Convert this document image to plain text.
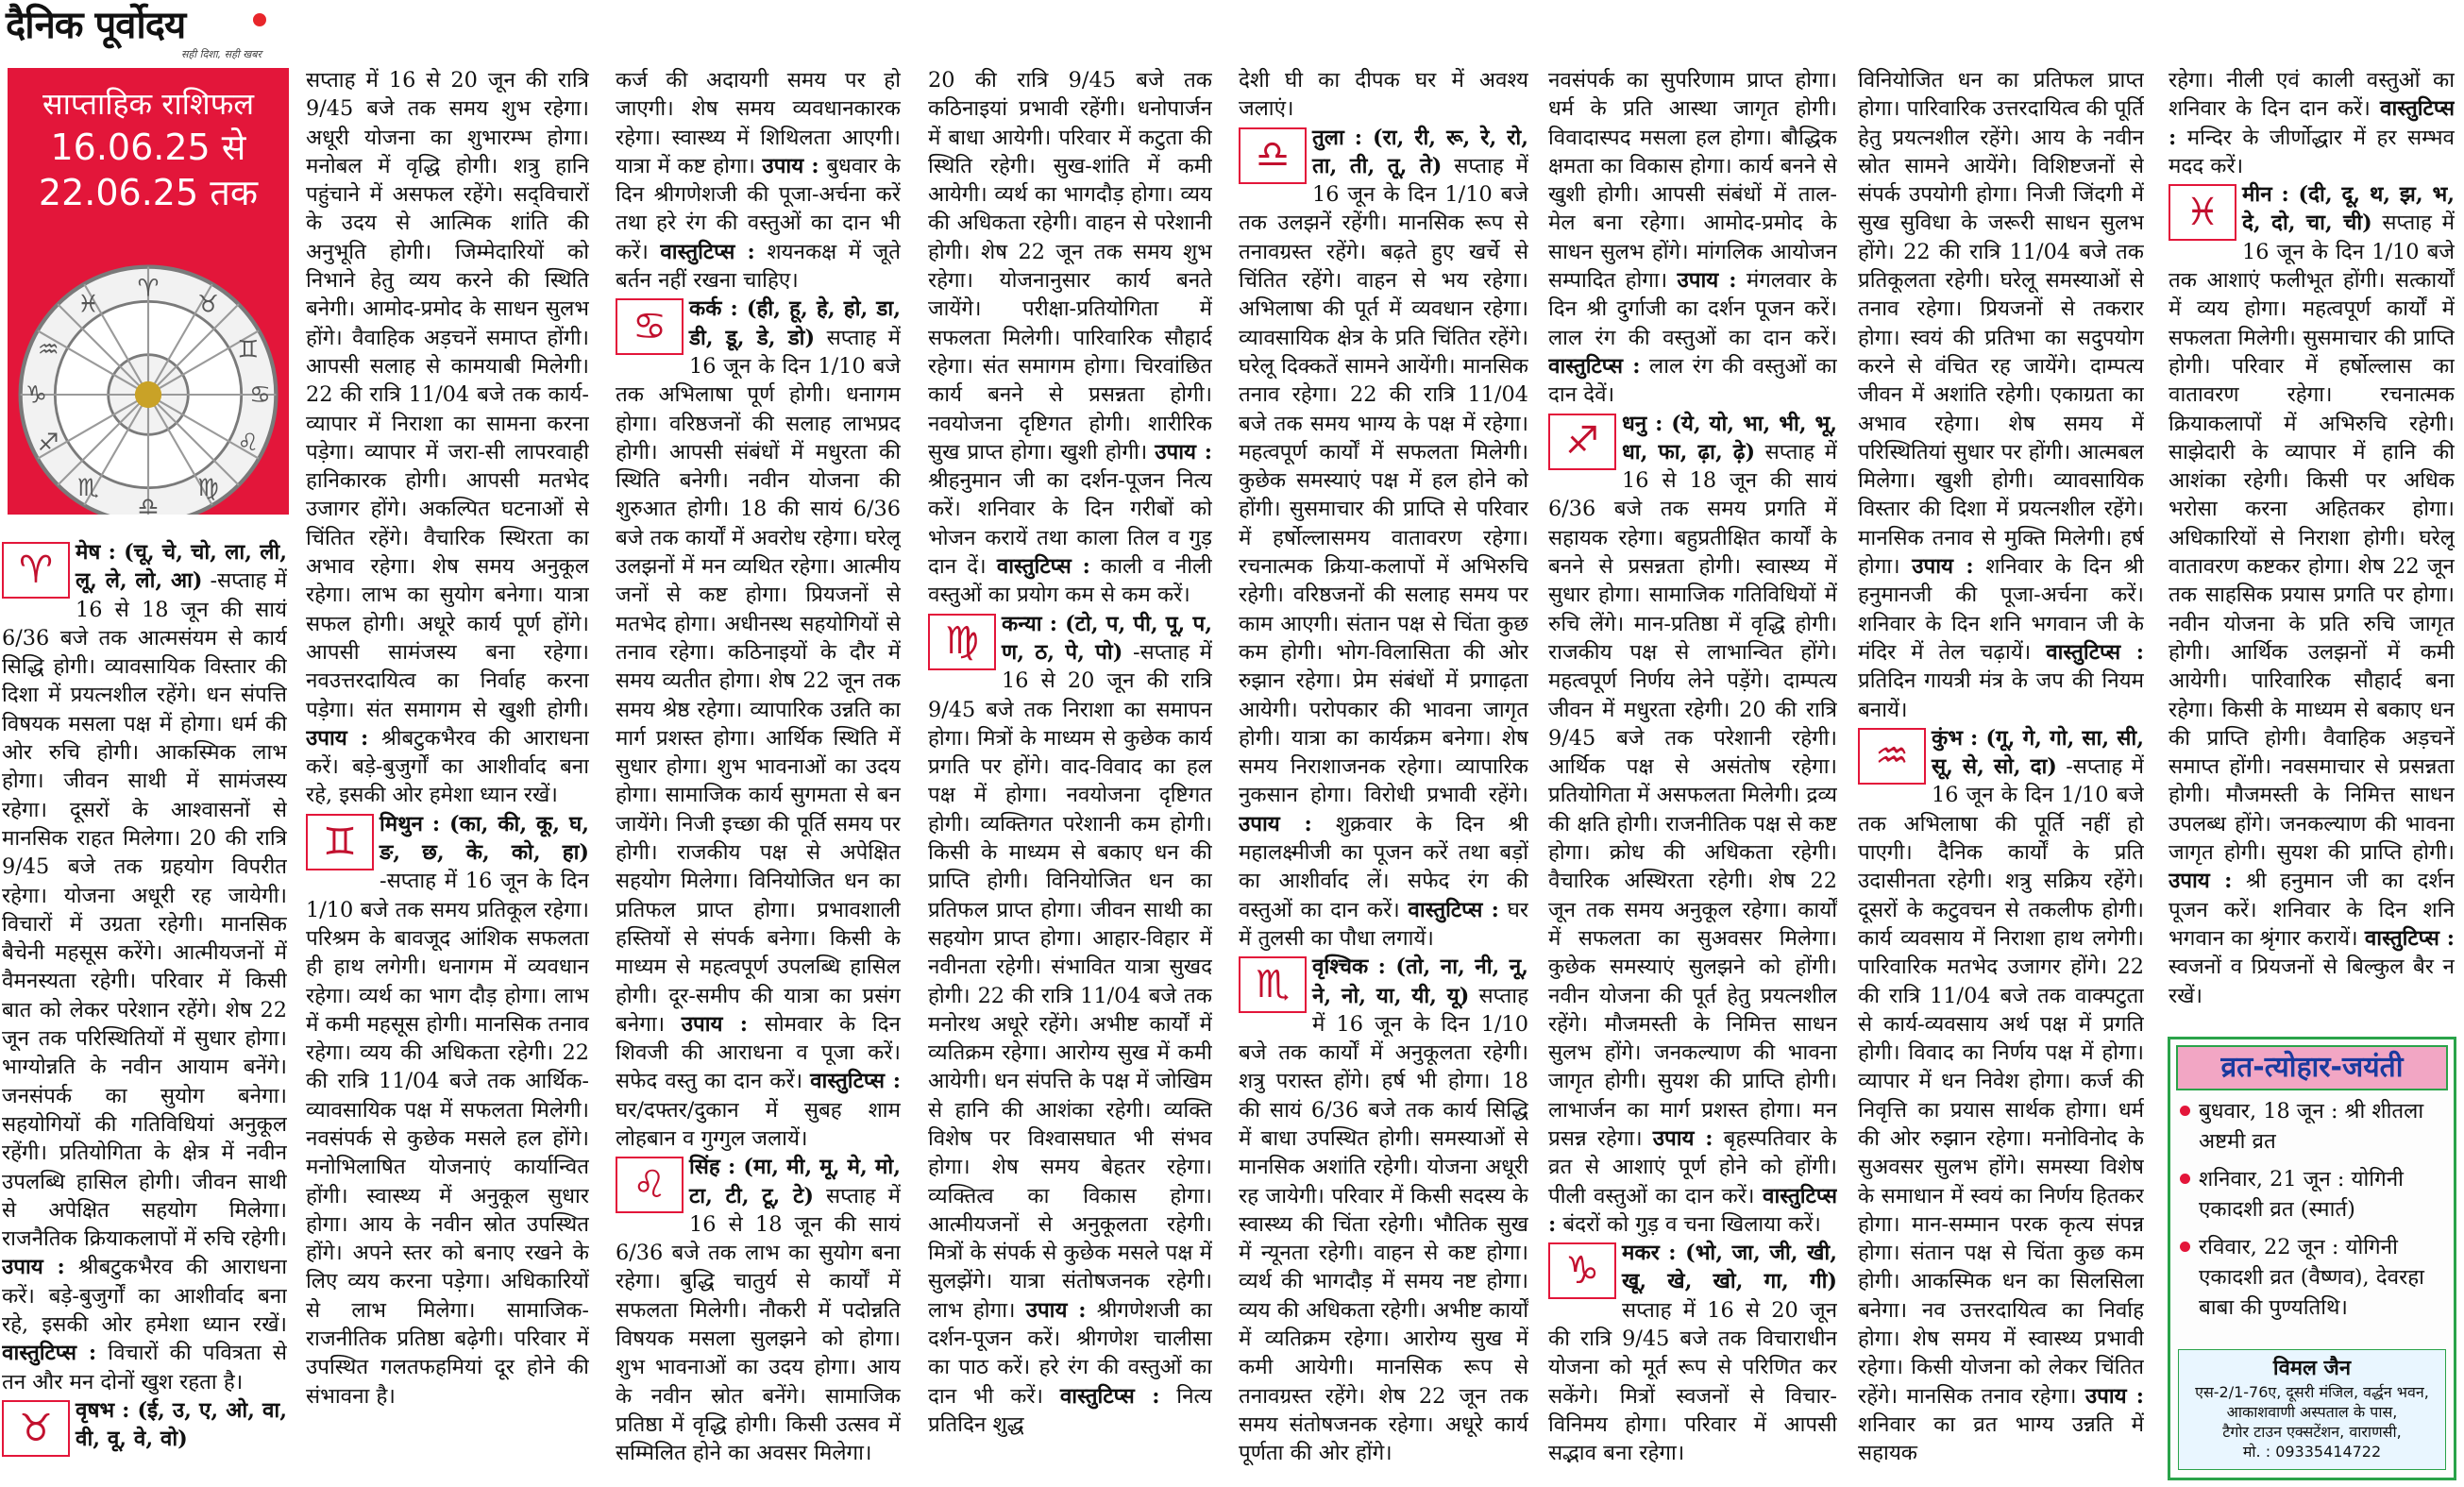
दैनिक पूर्वोदय
सही दिशा, सही खबर
साप्ताहिक राशिफल
16.06.25 से
22.06.25 तक
♈
♉
♊
♋
♌
♍
♎
♏
♐
♑
♒
♓
♈	मेष : (चू, चे, चो, ला, ली, लू, ले, लो, आ) -सप्ताह में 16 से 18 जून की सायं 6/36 बजे तक आत्मसंयम से कार्य सिद्धि होगी। व्यावसायिक विस्तार की दिशा में प्रयत्नशील रहेंगे। धन संपत्ति विषयक मसला पक्ष में होगा। धर्म की ओर रुचि होगी। आकस्मिक लाभ होगा। जीवन साथी में सामंजस्य रहेगा। दूसरों के आश्वासनों से मानसिक राहत मिलेगा। 20 की रात्रि 9/45 बजे तक ग्रहयोग विपरीत रहेगा। योजना अधूरी रह जायेगी। विचारों में उग्रता रहेगी। मानसिक बैचेनी महसूस करेंगे। आत्मीयजनों में वैमनस्यता रहेगी। परिवार में किसी बात को लेकर परेशान रहेंगे। शेष 22 जून तक परिस्थितियों में सुधार होगा। भाग्योन्नति के नवीन आयाम बनेंगे। जनसंपर्क का सुयोग बनेगा। सहयोगियों की गतिविधियां अनुकूल रहेंगी। प्रतियोगिता के क्षेत्र में नवीन उपलब्धि हासिल होगी। जीवन साथी से अपेक्षित सहयोग मिलेगा। राजनैतिक क्रियाकलापों में रुचि रहेगी। उपाय : श्रीबटुकभैरव की आराधना करें। बड़े-बुजुर्गों का आशीर्वाद बना रहे, इसकी ओर हमेशा ध्यान रखें। वास्तुटिप्स : विचारों की पवित्रता से तन और मन दोनों खुश रहता है।
♉	वृषभ : (ई, उ, ए, ओ, वा, वी, वू, वे, वो)

सप्ताह में 16 से 20 जून की रात्रि 9/45 बजे तक समय शुभ रहेगा। अधूरी योजना का शुभारम्भ होगा। मनोबल में वृद्धि होगी। शत्रु हानि पहुंचाने में असफल रहेंगे। सद्‌विचारों के उदय से आत्मिक शांति की अनुभूति होगी। जिम्मेदारियों को निभाने हेतु व्यय करने की स्थिति बनेगी। आमोद-प्रमोद के साधन सुलभ होंगे। वैवाहिक अड़चनें समाप्त होंगी। आपसी सलाह से कामयाबी मिलेगी। 22 की रात्रि 11/04 बजे तक कार्य-व्यापार में निराशा का सामना करना पड़ेगा। व्यापार में जरा-सी लापरवाही हानिकारक होगी। आपसी मतभेद उजागर होंगे। अकल्पित घटनाओं से चिंतित रहेंगे। वैचारिक स्थिरता का अभाव रहेगा। शेष समय अनुकूल रहेगा। लाभ का सुयोग बनेगा। यात्रा सफल होगी। अधूरे कार्य पूर्ण होंगे। आपसी सामंजस्य बना रहेगा। नवउत्तरदायित्व का निर्वाह करना पड़ेगा। संत समागम से खुशी होगी। उपाय : श्रीबटुकभैरव की आराधना करें। बड़े-बुजुर्गों का आशीर्वाद बना रहे, इसकी ओर हमेशा ध्यान रखें।

♊	मिथुन : (का, की, कू, घ, ङ, छ, के, को, हा) -सप्ताह में 16 जून के दिन 1/10 बजे तक समय प्रतिकूल रहेगा। परिश्रम के बावजूद आंशिक सफलता ही हाथ लगेगी। धनागम में व्यवधान रहेगा। व्यर्थ का भाग दौड़ होगा। लाभ में कमी महसूस होगी। मानसिक तनाव रहेगा। व्यय की अधिकता रहेगी। 22 की रात्रि 11/04 बजे तक आर्थिक-व्यावसायिक पक्ष में सफलता मिलेगी। नवसंपर्क से कुछेक मसले हल होंगे। मनोभिलाषित योजनाएं कार्यान्वित होंगी। स्वास्थ्य में अनुकूल सुधार होगा। आय के नवीन स्रोत उपस्थित होंगे। अपने स्तर को बनाए रखने के लिए व्यय करना पड़ेगा। अधिकारियों से लाभ मिलेगा। सामाजिक-राजनीतिक प्रतिष्ठा बढ़ेगी। परिवार में उपस्थित गलतफहमियां दूर होने की संभावना है।

कर्ज की अदायगी समय पर हो जाएगी। शेष समय व्यवधानकारक रहेगा। स्वास्थ्य में शिथिलता आएगी। यात्रा में कष्ट होगा। उपाय : बुधवार के दिन श्रीगणेशजी की पूजा-अर्चना करें तथा हरे रंग की वस्तुओं का दान भी करें। वास्तुटिप्स : शयनकक्ष में जूते बर्तन नहीं रखना चाहिए।

♋	कर्क : (ही, हू, हे, हो, डा, डी, डू, डे, डो) सप्ताह में 16 जून के दिन 1/10 बजे तक अभिलाषा पूर्ण होगी। धनागम होगा। वरिष्ठजनों की सलाह लाभप्रद होगी। आपसी संबंधों में मधुरता की स्थिति बनेगी। नवीन योजना की शुरुआत होगी। 18 की सायं 6/36 बजे तक कार्यों में अवरोध रहेगा। घरेलू उलझनों में मन व्यथित रहेगा। आत्मीय जनों से कष्ट होगा। प्रियजनों से मतभेद होगा। अधीनस्थ सहयोगियों से तनाव रहेगा। कठिनाइयों के दौर में समय व्यतीत होगा। शेष 22 जून तक समय श्रेष्ठ रहेगा। व्यापारिक उन्नति का मार्ग प्रशस्त होगा। आर्थिक स्थिति में सुधार होगा। शुभ भावनाओं का उदय होगा। सामाजिक कार्य सुगमता से बन जायेंगे। निजी इच्छा की पूर्ति समय पर होगी। राजकीय पक्ष से अपेक्षित सहयोग मिलेगा। विनियोजित धन का प्रतिफल प्राप्त होगा। प्रभावशाली हस्तियों से संपर्क बनेगा। किसी के माध्यम से महत्वपूर्ण उपलब्धि हासिल होगी। दूर-समीप की यात्रा का प्रसंग बनेगा। उपाय : सोमवार के दिन शिवजी की आराधना व पूजा करें। सफेद वस्तु का दान करें। वास्तुटिप्स : घर/दफ्तर/दुकान में सुबह शाम लोहबान व गुग्गुल जलायें।
♌	सिंह : (मा, मी, मू, मे, मो, टा, टी, टू, टे) सप्ताह में 16 से 18 जून की सायं 6/36 बजे तक लाभ का सुयोग बना रहेगा। बुद्धि चातुर्य से कार्यों में सफलता मिलेगी। नौकरी में पदोन्नति विषयक मसला सुलझने को होगा। शुभ भावनाओं का उदय होगा। आय के नवीन स्रोत बनेंगे। सामाजिक प्रतिष्ठा में वृद्धि होगी। किसी उत्सव में सम्मिलित होने का अवसर मिलेगा।

20 की रात्रि 9/45 बजे तक कठिनाइयां प्रभावी रहेंगी। धनोपार्जन में बाधा आयेगी। परिवार में कटुता की स्थिति रहेगी। सुख-शांति में कमी आयेगी। व्यर्थ का भागदौड़ होगा। व्यय की अधिकता रहेगी। वाहन से परेशानी होगी। शेष 22 जून तक समय शुभ रहेगा। योजनानुसार कार्य बनते जायेंगे। परीक्षा-प्रतियोगिता में सफलता मिलेगी। पारिवारिक सौहार्द रहेगा। संत समागम होगा। चिरवांछित कार्य बनने से प्रसन्नता होगी। नवयोजना दृष्टिगत होगी। शारीरिक सुख प्राप्त होगा। खुशी होगी। उपाय : श्रीहनुमान जी का दर्शन-पूजन नित्य करें। शनिवार के दिन गरीबों को भोजन करायें तथा काला तिल व गुड़ दान दें। वास्तुटिप्स : काली व नीली वस्तुओं का प्रयोग कम से कम करें।

♍	कन्या : (टो, प, पी, पू, प, ण, ठ, पे, पो) -सप्ताह में 16 से 20 जून की रात्रि 9/45 बजे तक निराशा का समापन होगा। मित्रों के माध्यम से कुछेक कार्य प्रगति पर होंगे। वाद-विवाद का हल पक्ष में होगा। नवयोजना दृष्टिगत होगी। व्यक्तिगत परेशानी कम होगी। किसी के माध्यम से बकाए धन की प्राप्ति होगी। विनियोजित धन का प्रतिफल प्राप्त होगा। जीवन साथी का सहयोग प्राप्त होगा। आहार-विहार में नवीनता रहेगी। संभावित यात्रा सुखद होगी। 22 की रात्रि 11/04 बजे तक मनोरथ अधूरे रहेंगे। अभीष्ट कार्यों में व्यतिक्रम रहेगा। आरोग्य सुख में कमी आयेगी। धन संपत्ति के पक्ष में जोखिम से हानि की आशंका रहेगी। व्यक्ति विशेष पर विश्वासघात भी संभव होगा। शेष समय बेहतर रहेगा। व्यक्तित्व का विकास होगा। आत्मीयजनों से अनुकूलता रहेगी। मित्रों के संपर्क से कुछेक मसले पक्ष में सुलझेंगे। यात्रा संतोषजनक रहेगी। लाभ होगा। उपाय : श्रीगणेशजी का दर्शन-पूजन करें। श्रीगणेश चालीसा का पाठ करें। हरे रंग की वस्तुओं का दान भी करें। वास्तुटिप्स : नित्य प्रतिदिन शुद्ध

देशी घी का दीपक घर में अवश्य जलाएं।

♎	तुला : (रा, री, रू, रे, रो, ता, ती, तू, ते) सप्ताह में 16 जून के दिन 1/10 बजे तक उलझनें रहेंगी। मानसिक रूप से तनावग्रस्त रहेंगे। बढ़ते हुए खर्चे से चिंतित रहेंगे। वाहन से भय रहेगा। अभिलाषा की पूर्त में व्यवधान रहेगा। व्यावसायिक क्षेत्र के प्रति चिंतित रहेंगे। घरेलू दिक्कतें सामने आयेंगी। मानसिक तनाव रहेगा। 22 की रात्रि 11/04 बजे तक समय भाग्य के पक्ष में रहेगा। महत्वपूर्ण कार्यों में सफलता मिलेगी। कुछेक समस्याएं पक्ष में हल होने को होंगी। सुसमाचार की प्राप्ति से परिवार में हर्षोल्लासमय वातावरण रहेगा। रचनात्मक क्रिया-कलापों में अभिरुचि रहेगी। वरिष्ठजनों की सलाह समय पर काम आएगी। संतान पक्ष से चिंता कुछ कम होगी। भोग-विलासिता की ओर रुझान रहेगा। प्रेम संबंधों में प्रगाढ़ता आयेगी। परोपकार की भावना जागृत होगी। यात्रा का कार्यक्रम बनेगा। शेष समय निराशाजनक रहेगा। व्यापारिक नुकसान होगा। विरोधी प्रभावी रहेंगे। उपाय : शुक्रवार के दिन श्री महालक्ष्मीजी का पूजन करें तथा बड़ों का आशीर्वाद लें। सफेद रंग की वस्तुओं का दान करें। वास्तुटिप्स : घर में तुलसी का पौधा लगायें।
♏	वृश्चिक : (तो, ना, नी, नू, ने, नो, या, यी, यू) सप्ताह में 16 जून के दिन 1/10 बजे तक कार्यों में अनुकूलता रहेगी। शत्रु परास्त होंगे। हर्ष भी होगा। 18 की सायं 6/36 बजे तक कार्य सिद्धि में बाधा उपस्थित होगी। समस्याओं से मानसिक अशांति रहेगी। योजना अधूरी रह जायेगी। परिवार में किसी सदस्य के स्वास्थ्य की चिंता रहेगी। भौतिक सुख में न्यूनता रहेगी। वाहन से कष्ट होगा। व्यर्थ की भागदौड़ में समय नष्ट होगा। व्यय की अधिकता रहेगी। अभीष्ट कार्यों में व्यतिक्रम रहेगा। आरोग्य सुख में कमी आयेगी। मानसिक रूप से तनावग्रस्त रहेंगे। शेष 22 जून तक समय संतोषजनक रहेगा। अधूरे कार्य पूर्णता की ओर होंगे।

नवसंपर्क का सुपरिणाम प्राप्त होगा। धर्म के प्रति आस्था जागृत होगी। विवादास्पद मसला हल होगा। बौद्धिक क्षमता का विकास होगा। कार्य बनने से खुशी होगी। आपसी संबंधों में ताल-मेल बना रहेगा। आमोद-प्रमोद के साधन सुलभ होंगे। मांगलिक आयोजन सम्पादित होगा। उपाय : मंगलवार के दिन श्री दुर्गाजी का दर्शन पूजन करें। लाल रंग की वस्तुओं का दान करें। वास्तुटिप्स : लाल रंग की वस्तुओं का दान देवें।

♐	धनु : (ये, यो, भा, भी, भू, धा, फा, ढ़ा, ढ़े) सप्ताह में 16 से 18 जून की सायं 6/36 बजे तक समय प्रगति में सहायक रहेगा। बहुप्रतीक्षित कार्यों के बनने से प्रसन्नता होगी। स्वास्थ्य में सुधार होगा। सामाजिक गतिविधियों में रुचि लेंगे। मान-प्रतिष्ठा में वृद्धि होगी। राजकीय पक्ष से लाभान्वित होंगे। महत्वपूर्ण निर्णय लेने पड़ेंगे। दाम्पत्य जीवन में मधुरता रहेगी। 20 की रात्रि 9/45 बजे तक परेशानी रहेगी। आर्थिक पक्ष से असंतोष रहेगा। प्रतियोगिता में असफलता मिलेगी। द्रव्य की क्षति होगी। राजनीतिक पक्ष से कष्ट होगा। क्रोध की अधिकता रहेगी। वैचारिक अस्थिरता रहेगी। शेष 22 जून तक समय अनुकूल रहेगा। कार्यों में सफलता का सुअवसर मिलेगा। कुछेक समस्याएं सुलझने को होंगी। नवीन योजना की पूर्त हेतु प्रयत्नशील रहेंगे। मौजमस्ती के निमित्त साधन सुलभ होंगे। जनकल्याण की भावना जागृत होगी। सुयश की प्राप्ति होगी। लाभार्जन का मार्ग प्रशस्त होगा। मन प्रसन्न रहेगा। उपाय : बृहस्पतिवार के व्रत से आशाएं पूर्ण होने को होंगी। पीली वस्तुओं का दान करें। वास्तुटिप्स : बंदरों को गुड़ व चना खिलाया करें।
♑	मकर : (भो, जा, जी, खी, खू, खे, खो, गा, गी) सप्ताह में 16 से 20 जून की रात्रि 9/45 बजे तक विचाराधीन योजना को मूर्त रूप से परिणित कर सकेंगे। मित्रों स्वजनों से विचार-विनिमय होगा। परिवार में आपसी सद्भाव बना रहेगा।

विनियोजित धन का प्रतिफल प्राप्त होगा। पारिवारिक उत्तरदायित्व की पूर्ति हेतु प्रयत्नशील रहेंगे। आय के नवीन स्रोत सामने आयेंगे। विशिष्टजनों से संपर्क उपयोगी होगा। निजी जिंदगी में सुख सुविधा के जरूरी साधन सुलभ होंगे। 22 की रात्रि 11/04 बजे तक प्रतिकूलता रहेगी। घरेलू समस्याओं से तनाव रहेगा। प्रियजनों से तकरार होगा। स्वयं की प्रतिभा का सदुपयोग करने से वंचित रह जायेंगे। दाम्पत्य जीवन में अशांति रहेगी। एकाग्रता का अभाव रहेगा। शेष समय में परिस्थितियां सुधार पर होंगी। आत्मबल मिलेगा। खुशी होगी। व्यावसायिक विस्तार की दिशा में प्रयत्नशील रहेंगे। मानसिक तनाव से मुक्ति मिलेगी। हर्ष होगा। उपाय : शनिवार के दिन श्री हनुमानजी की पूजा-अर्चना करें। शनिवार के दिन शनि भगवान जी के मंदिर में तेल चढ़ायें। वास्तुटिप्स : प्रतिदिन गायत्री मंत्र के जप की नियम बनायें।

♒	कुंभ : (गू, गे, गो, सा, सी, सू, से, सो, दा) -सप्ताह में 16 जून के दिन 1/10 बजे तक अभिलाषा की पूर्ति नहीं हो पाएगी। दैनिक कार्यों के प्रति उदासीनता रहेगी। शत्रु सक्रिय रहेंगे। दूसरों के कटुवचन से तकलीफ होगी। कार्य व्यवसाय में निराशा हाथ लगेगी। पारिवारिक मतभेद उजागर होंगे। 22 की रात्रि 11/04 बजे तक वाक्पटुता से कार्य-व्यवसाय अर्थ पक्ष में प्रगति होगी। विवाद का निर्णय पक्ष में होगा। व्यापार में धन निवेश होगा। कर्ज की निवृत्ति का प्रयास सार्थक होगा। धर्म की ओर रुझान रहेगा। मनोविनोद के सुअवसर सुलभ होंगे। समस्या विशेष के समाधान में स्वयं का निर्णय हितकर होगा। मान-सम्मान परक कृत्य संपन्न होगा। संतान पक्ष से चिंता कुछ कम होगी। आकस्मिक धन का सिलसिला बनेगा। नव उत्तरदायित्व का निर्वाह होगा। शेष समय में स्वास्थ्य प्रभावी रहेगा। किसी योजना को लेकर चिंतित रहेंगे। मानसिक तनाव रहेगा। उपाय : शनिवार का व्रत भाग्य उन्नति में सहायक

रहेगा। नीली एवं काली वस्तुओं का शनिवार के दिन दान करें। वास्तुटिप्स : मन्दिर के जीर्णोद्धार में हर सम्भव मदद करें।

♓	मीन : (दी, दू, थ, झ, भ, दे, दो, चा, ची) सप्ताह में 16 जून के दिन 1/10 बजे तक आशाएं फलीभूत होंगी। सत्कार्यों में व्यय होगा। महत्वपूर्ण कार्यों में सफलता मिलेगी। सुसमाचार की प्राप्ति होगी। परिवार में हर्षोल्लास का वातावरण रहेगा। रचनात्मक क्रियाकलापों में अभिरुचि रहेगी। साझेदारी के व्यापार में हानि की आशंका रहेगी। किसी पर अधिक भरोसा करना अहितकर होगा। अधिकारियों से निराशा होगी। घरेलू वातावरण कष्टकर होगा। शेष 22 जून तक साहसिक प्रयास प्रगति पर होगा। नवीन योजना के प्रति रुचि जागृत होगी। आर्थिक उलझनों में कमी आयेगी। पारिवारिक सौहार्द बना रहेगा। किसी के माध्यम से बकाए धन की प्राप्ति होगी। वैवाहिक अड़चनें समाप्त होंगी। नवसमाचार से प्रसन्नता होगी। मौजमस्ती के निमित्त साधन उपलब्ध होंगे। जनकल्याण की भावना जागृत होगी। सुयश की प्राप्ति होगी। उपाय : श्री हनुमान जी का दर्शन पूजन करें। शनिवार के दिन शनि भगवान का श्रृंगार करायें। वास्तुटिप्स : स्वजनों व प्रियजनों से बिल्कुल बैर न रखें।
व्रत-त्योहार-जयंती
बुधवार, 18 जून : श्री शीतला अष्टमी व्रत
शनिवार, 21 जून : योगिनी एकादशी व्रत (स्मार्त)
रविवार, 22 जून : योगिनी एकादशी व्रत (वैष्णव), देवरहा बाबा की पुण्यतिथि।
विमल जैन
एस-2/1-76ए, दूसरी मंजिल, वर्द्धन भवन, आकाशवाणी अस्पताल के पास,
टैगोर टाउन एक्सटेंशन, वाराणसी,
मो. : 09335414722
